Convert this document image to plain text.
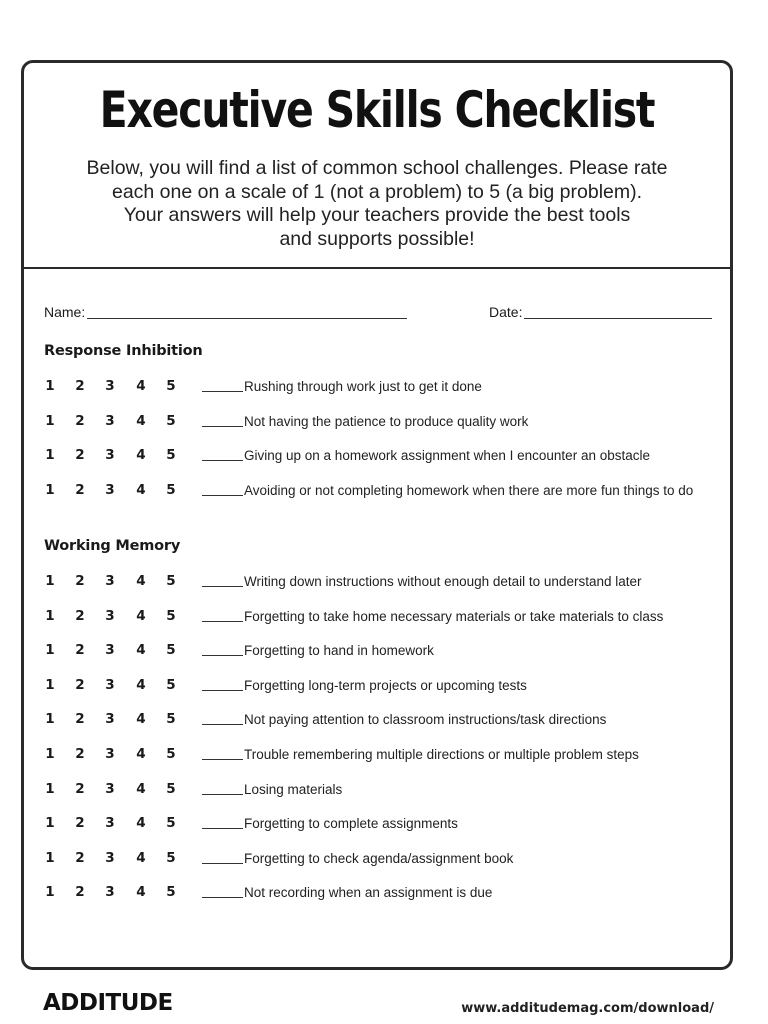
Executive Skills Checklist
Below, you will find a list of common school challenges. Please rate
each one on a scale of 1 (not a problem) to 5 (a big problem).
Your answers will help your teachers provide the best tools
and supports possible!
Name:	Date:
Response Inhibition
1 2 3 4 5	Rushing through work just to get it done
1 2 3 4 5	Not having the patience to produce quality work
1 2 3 4 5	Giving up on a homework assignment when I encounter an obstacle
1 2 3 4 5	Avoiding or not completing homework when there are more fun things to do
Working Memory
1 2 3 4 5	Writing down instructions without enough detail to understand later
1 2 3 4 5	Forgetting to take home necessary materials or take materials to class
1 2 3 4 5	Forgetting to hand in homework
1 2 3 4 5	Forgetting long-term projects or upcoming tests
1 2 3 4 5	Not paying attention to classroom instructions/task directions
1 2 3 4 5	Trouble remembering multiple directions or multiple problem steps
1 2 3 4 5	Losing materials
1 2 3 4 5	Forgetting to complete assignments
1 2 3 4 5	Forgetting to check agenda/assignment book
1 2 3 4 5	Not recording when an assignment is due
ADDITUDE	www.additudemag.com/download/
